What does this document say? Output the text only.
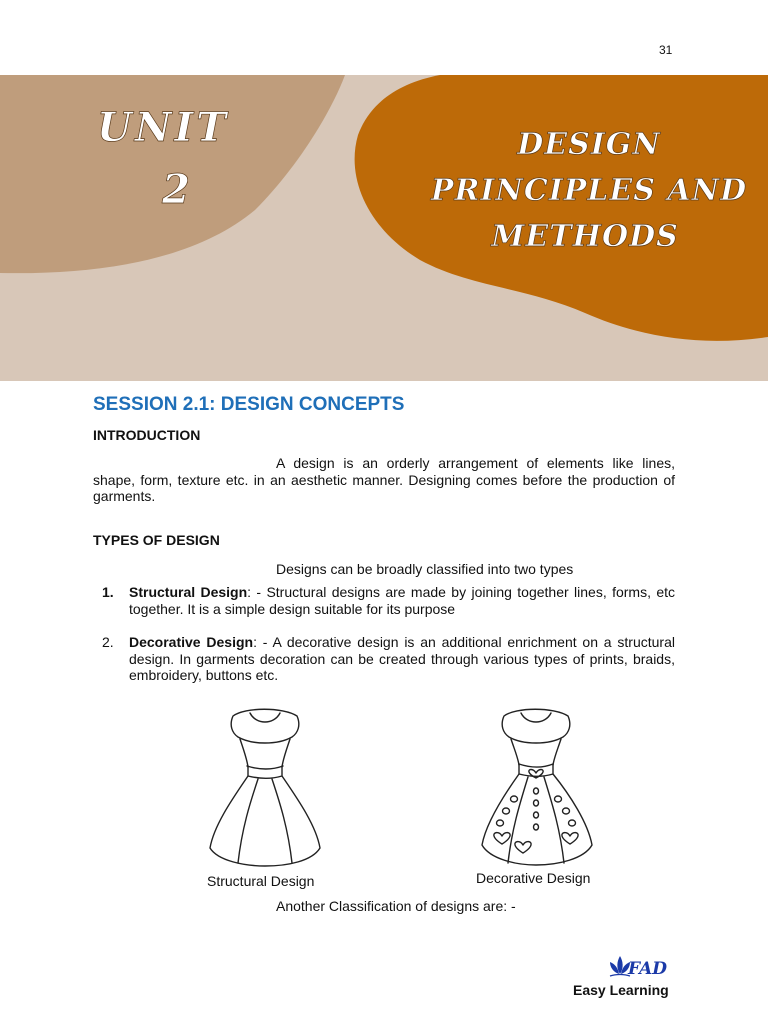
31
UNIT
2
DESIGN
PRINCIPLES AND
METHODS
SESSION 2.1: DESIGN CONCEPTS
INTRODUCTION

A design is an orderly arrangement of elements like lines, shape, form, texture etc. in an aesthetic manner. Designing comes before the production of garments.

TYPES OF DESIGN

Designs can be broadly classified into two types

1. Structural Design: - Structural designs are made by joining together lines, forms, etc together. It is a simple design suitable for its purpose
2. Decorative Design: - A decorative design is an additional enrichment on a structural design. In garments decoration can be created through various types of prints, braids, embroidery, buttons etc.
Structural Design	Decorative Design
Another Classification of designs are: -
FAD
Easy Learning
